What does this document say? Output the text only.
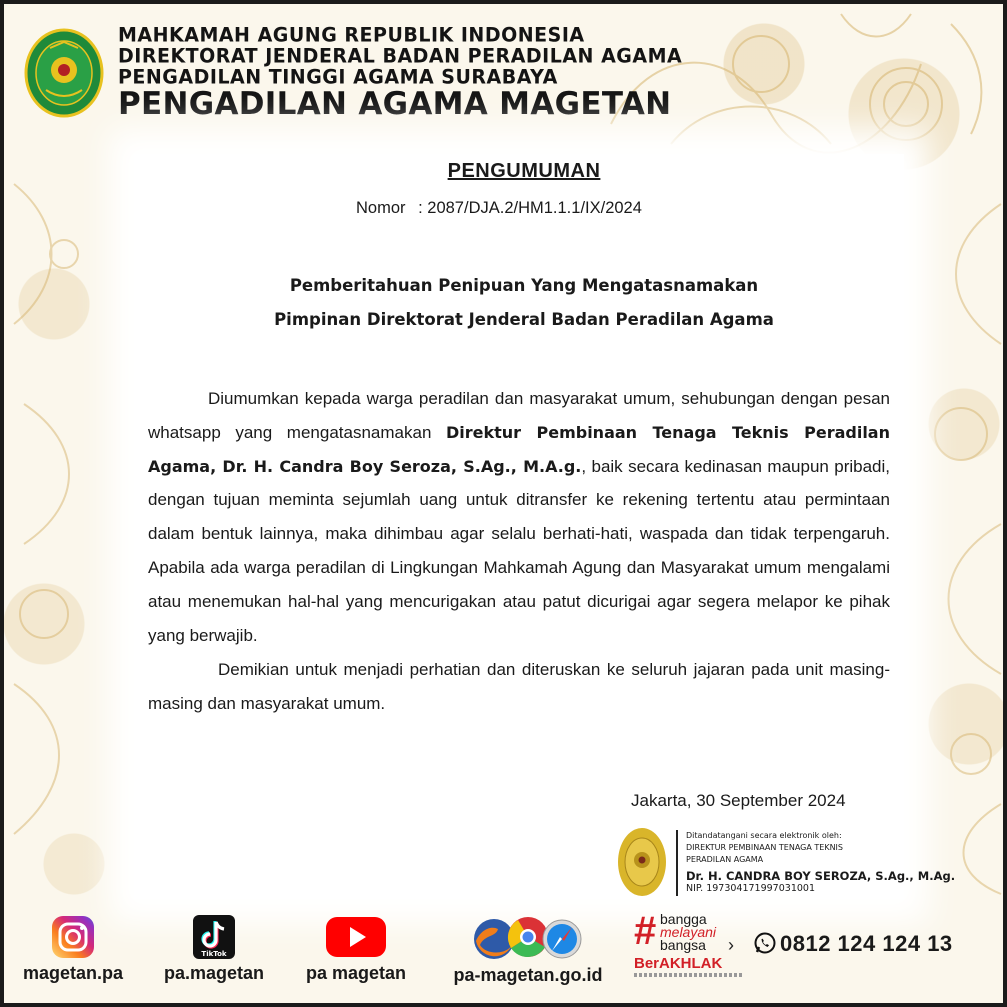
MAHKAMAH AGUNG REPUBLIK INDONESIA
DIREKTORAT JENDERAL BADAN PERADILAN AGAMA
PENGADILAN TINGGI AGAMA SURABAYA
PENGADILAN AGAMA MAGETAN
PENGUMUMAN
Nomor : 2087/DJA.2/HM1.1.1/IX/2024
Pemberitahuan Penipuan Yang Mengatasnamakan
Pimpinan Direktorat Jenderal Badan Peradilan Agama

Diumumkan kepada warga peradilan dan masyarakat umum, sehubungan dengan pesan whatsapp yang mengatasnamakan Direktur Pembinaan Tenaga Teknis Peradilan Agama, Dr. H. Candra Boy Seroza, S.Ag., M.A.g., baik secara kedinasan maupun pribadi, dengan tujuan meminta sejumlah uang untuk ditransfer ke rekening tertentu atau permintaan dalam bentuk lainnya, maka dihimbau agar selalu berhati-hati, waspada dan tidak terpengaruh. Apabila ada warga peradilan di Lingkungan Mahkamah Agung dan Masyarakat umum mengalami atau menemukan hal-hal yang mencurigakan atau patut dicurigai agar segera melapor ke pihak yang berwajib.

Demikian untuk menjadi perhatian dan diteruskan ke seluruh jajaran pada unit masing-masing dan masyarakat umum.

Jakarta, 30 September 2024
Ditandatangani secara elektronik oleh:
DIREKTUR PEMBINAAN TENAGA TEKNIS
PERADILAN AGAMA
Dr. H. CANDRA BOY SEROZA, S.Ag., M.Ag.
NIP. 197304171997031001
magetan.pa
TikTok
pa.magetan	pa magetan	pa-magetan.go.id
# bangga
melayani
bangsa
BerAKHLAK
›	0812 124 124 13
